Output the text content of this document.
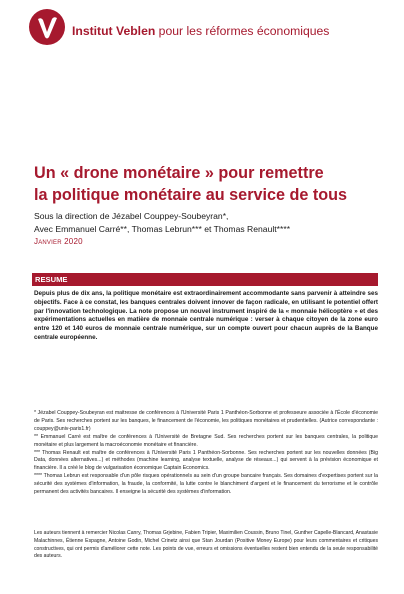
Institut Veblen pour les réformes économiques
Un « drone monétaire » pour remettre
la politique monétaire au service de tous
Sous la direction de Jézabel Couppey-Soubeyran*,
Avec Emmanuel Carré**, Thomas Lebrun*** et Thomas Renault****
Janvier 2020
RESUME
Depuis plus de dix ans, la politique monétaire est extraordinairement accommodante sans parvenir à atteindre ses objectifs. Face à ce constat, les banques centrales doivent innover de façon radicale, en utilisant le potentiel offert par l'innovation technologique. La note propose un nouvel instrument inspiré de la « monnaie hélicoptère » et des expérimentations actuelles en matière de monnaie centrale numérique : verser à chaque citoyen de la zone euro entre 120 et 140 euros de monnaie centrale numérique, sur un compte ouvert pour chacun auprès de la Banque centrale européenne.

* Jézabel Couppey-Soubeyran est maitresse de conférences à l'Université Paris 1 Panthéon-Sorbonne et professeure associée à l'École d'économie de Paris. Ses recherches portent sur les banques, le financement de l'économie, les politiques monétaires et prudentielles. (Autrice correspondante : couppey@univ-paris1.fr)

** Emmanuel Carré est maître de conférences à l'Université de Bretagne Sud. Ses recherches portent sur les banques centrales, la politique monétaire et plus largement la macroéconomie monétaire et financière.

*** Thomas Renault est maître de conférences à l'Université Paris 1 Panthéon-Sorbonne. Ses recherches portent sur les nouvelles données (Big Data, données alternatives...) et méthodes (machine learning, analyse textuelle, analyse de réseaux...) qui servent à la prévision économique et financière. Il a créé le blog de vulgarisation économique Captain Economics.

**** Thomas Lebrun est responsable d'un pôle risques opérationnels au sein d'un groupe bancaire français. Ses domaines d'expertises portent sur la sécurité des systèmes d'information, la fraude, la conformité, la lutte contre le blanchiment d'argent et le financement du terrorisme et le contrôle permanent des activités bancaires. Il enseigne la sécurité des systèmes d'information.

Les auteurs tiennent à remercier Nicolas Canry, Thomas Grjebine, Fabien Tripier, Maximilien Coussin, Bruno Tinel, Gunther Capelle-Blancard, Anastasie Malachinnes, Étienne Espagne, Antoine Godin, Michel Crinetz ainsi que Stan Jourdan (Positive Money Europe) pour leurs commentaires et critiques constructives, qui ont permis d'améliorer cette note. Les points de vue, erreurs et omissions éventuelles restent bien entendu de la seule responsabilité des auteurs.
